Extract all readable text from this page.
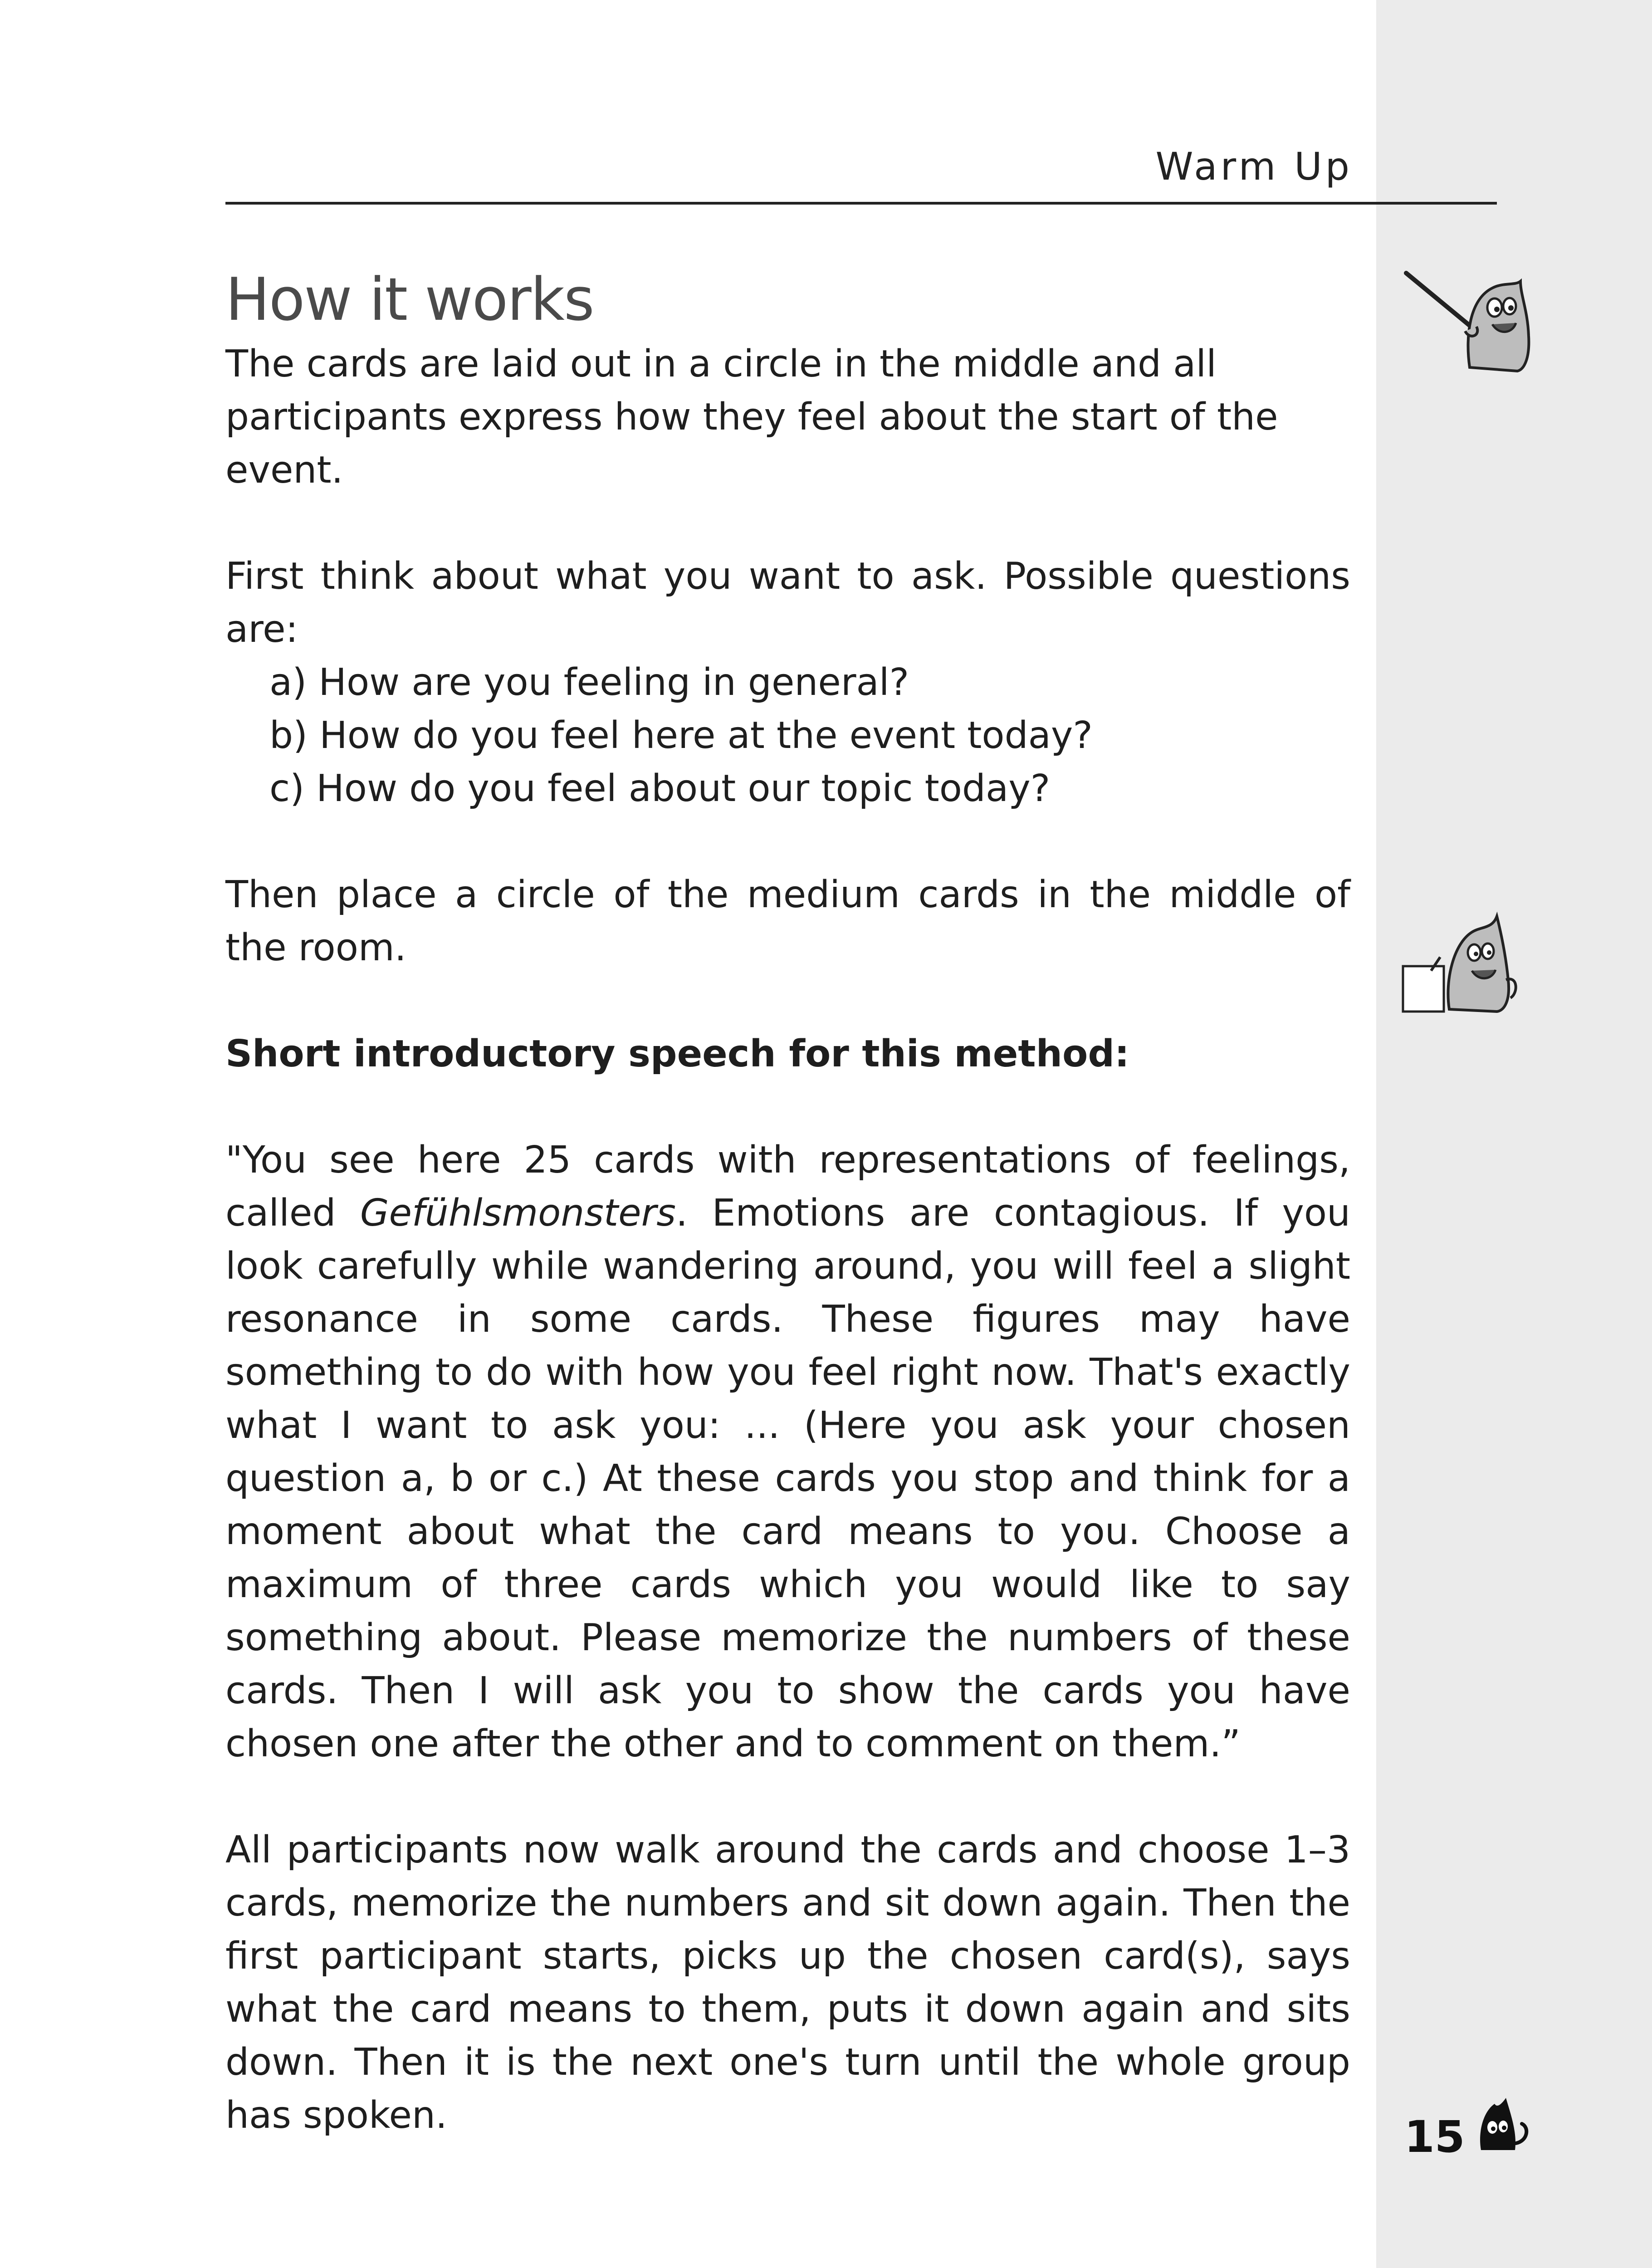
Warm Up
How it works

The cards are laid out in a circle in the middle and all participants express how they feel about the start of the event.

First think about what you want to ask. Possible questions are:

a) How are you feeling in general?
b) How do you feel here at the event today?
c) How do you feel about our topic today?

Then place a circle of the medium cards in the middle of the room.

Short introductory speech for this method:

"You see here 25 cards with representations of feelings, called Gefühlsmonsters. Emotions are contagious. If you look carefully while wandering around, you will feel a slight resonance in some cards. These figures may have something to do with how you feel right now. That's exactly what I want to ask you: ... (Here you ask your chosen question a, b or c.) At these cards you stop and think for a moment about what the card means to you. Choose a maximum of three cards which you would like to say something about. Please memorize the numbers of these cards. Then I will ask you to show the cards you have chosen one after the other and to comment on them.”

All participants now walk around the cards and choose 1–3 cards, memorize the numbers and sit down again. Then the first participant starts, picks up the chosen card(s), says what the card means to them, puts it down again and sits down. Then it is the next one's turn until the whole group has spoken.	15
